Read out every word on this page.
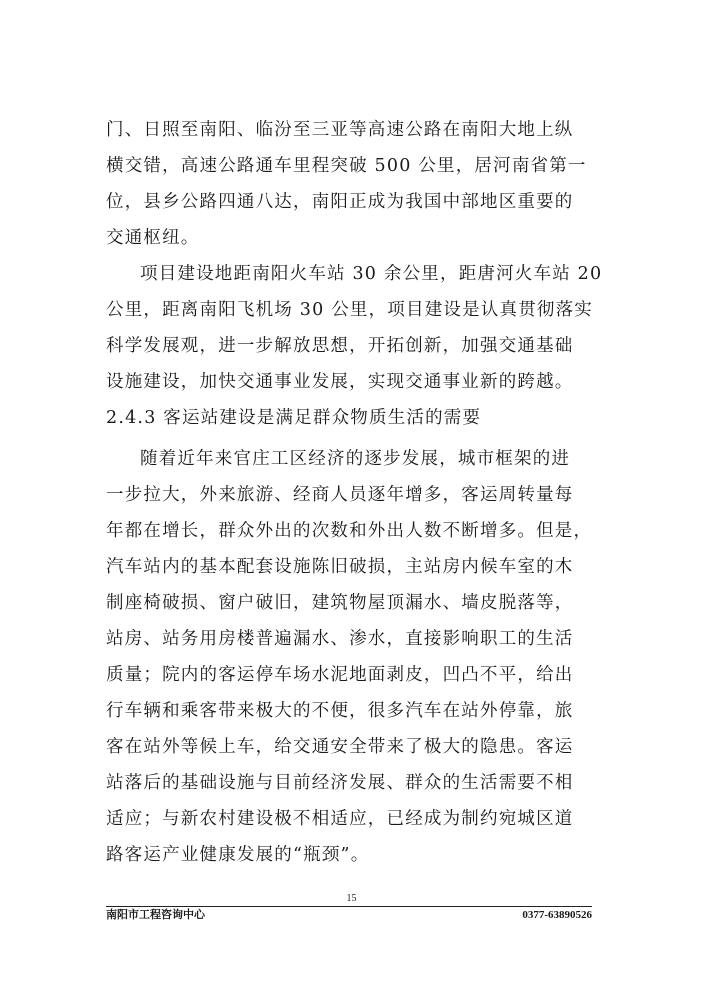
门、日照至南阳、临汾至三亚等高速公路在南阳大地上纵
横交错，高速公路通车里程突破 500 公里，居河南省第一
位，县乡公路四通八达，南阳正成为我国中部地区重要的
交通枢纽。
项目建设地距南阳火车站 30 余公里，距唐河火车站 20
公里，距离南阳飞机场 30 公里，项目建设是认真贯彻落实
科学发展观，进一步解放思想，开拓创新，加强交通基础
设施建设，加快交通事业发展，实现交通事业新的跨越。
2.4.3 客运站建设是满足群众物质生活的需要
随着近年来官庄工区经济的逐步发展，城市框架的进
一步拉大，外来旅游、经商人员逐年增多，客运周转量每
年都在增长，群众外出的次数和外出人数不断增多。但是，
汽车站内的基本配套设施陈旧破损，主站房内候车室的木
制座椅破损、窗户破旧，建筑物屋顶漏水、墙皮脱落等，
站房、站务用房楼普遍漏水、渗水，直接影响职工的生活
质量；院内的客运停车场水泥地面剥皮，凹凸不平，给出
行车辆和乘客带来极大的不便，很多汽车在站外停靠，旅
客在站外等候上车，给交通安全带来了极大的隐患。客运
站落后的基础设施与目前经济发展、群众的生活需要不相
适应；与新农村建设极不相适应，已经成为制约宛城区道
路客运产业健康发展的“瓶颈”。
15
南阳市工程咨询中心	0377-63890526
